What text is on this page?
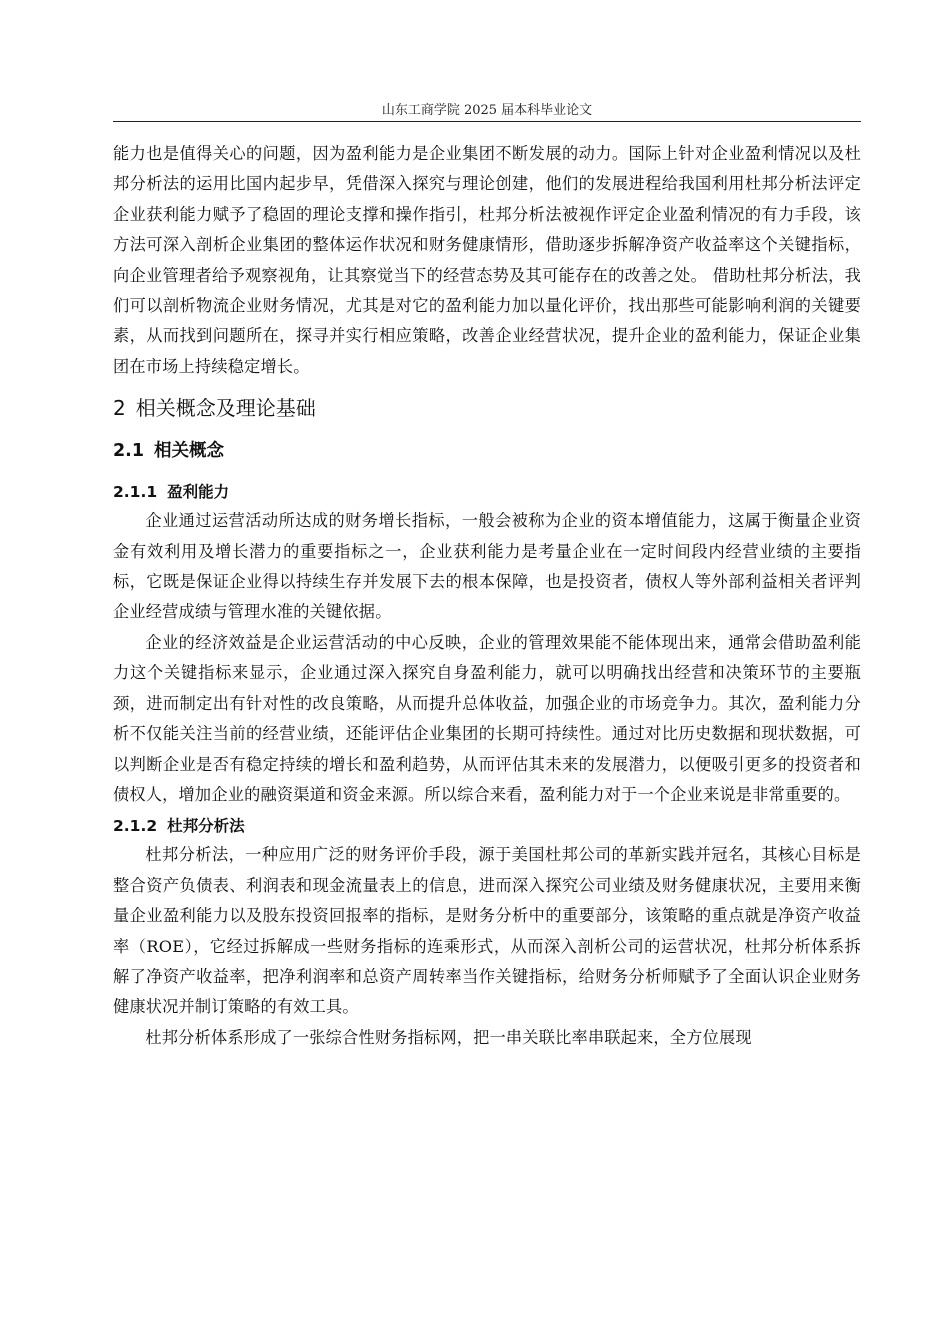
山东工商学院 2025 届本科毕业论文

能力也是值得关心的问题，因为盈利能力是企业集团不断发展的动力。国际上针对企业盈利情况以及杜邦分析法的运用比国内起步早，凭借深入探究与理论创建，他们的发展进程给我国利用杜邦分析法评定企业获利能力赋予了稳固的理论支撑和操作指引，杜邦分析法被视作评定企业盈利情况的有力手段，该方法可深入剖析企业集团的整体运作状况和财务健康情形，借助逐步拆解净资产收益率这个关键指标，向企业管理者给予观察视角，让其察觉当下的经营态势及其可能存在的改善之处。 借助杜邦分析法，我们可以剖析物流企业财务情况，尤其是对它的盈利能力加以量化评价，找出那些可能影响利润的关键要素，从而找到问题所在，探寻并实行相应策略，改善企业经营状况，提升企业的盈利能力，保证企业集团在市场上持续稳定增长。

2 相关概念及理论基础
2.1 相关概念
2.1.1 盈利能力

企业通过运营活动所达成的财务增长指标，一般会被称为企业的资本增值能力，这属于衡量企业资金有效利用及增长潜力的重要指标之一，企业获利能力是考量企业在一定时间段内经营业绩的主要指标，它既是保证企业得以持续生存并发展下去的根本保障，也是投资者，债权人等外部利益相关者评判企业经营成绩与管理水准的关键依据。

企业的经济效益是企业运营活动的中心反映，企业的管理效果能不能体现出来，通常会借助盈利能力这个关键指标来显示，企业通过深入探究自身盈利能力，就可以明确找出经营和决策环节的主要瓶颈，进而制定出有针对性的改良策略，从而提升总体收益，加强企业的市场竞争力。其次，盈利能力分析不仅能关注当前的经营业绩，还能评估企业集团的长期可持续性。通过对比历史数据和现状数据，可以判断企业是否有稳定持续的增长和盈利趋势，从而评估其未来的发展潜力，以便吸引更多的投资者和债权人，增加企业的融资渠道和资金来源。所以综合来看，盈利能力对于一个企业来说是非常重要的。

2.1.2 杜邦分析法

杜邦分析法，一种应用广泛的财务评价手段，源于美国杜邦公司的革新实践并冠名，其核心目标是整合资产负债表、利润表和现金流量表上的信息，进而深入探究公司业绩及财务健康状况，主要用来衡量企业盈利能力以及股东投资回报率的指标，是财务分析中的重要部分，该策略的重点就是净资产收益率（ROE），它经过拆解成一些财务指标的连乘形式，从而深入剖析公司的运营状况，杜邦分析体系拆解了净资产收益率，把净利润率和总资产周转率当作关键指标，给财务分析师赋予了全面认识企业财务健康状况并制订策略的有效工具。

杜邦分析体系形成了一张综合性财务指标网，把一串关联比率串联起来，全方位展现
